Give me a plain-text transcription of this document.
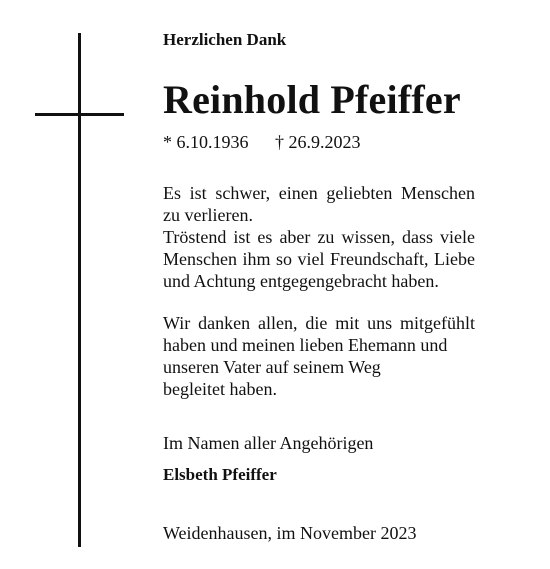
Herzlichen Dank
Reinhold Pfeiffer
* 6.10.1936 † 26.9.2023
Es ist schwer, einen geliebten Menschen
zu verlieren.
Tröstend ist es aber zu wissen, dass viele
Menschen ihm so viel Freundschaft, Liebe
und Achtung entgegengebracht haben.
Wir danken allen, die mit uns mitgefühlt
haben und meinen lieben Ehemann und
unseren Vater auf seinem Weg
begleitet haben.
Im Namen aller Angehörigen
Elsbeth Pfeiffer
Weidenhausen, im November 2023
